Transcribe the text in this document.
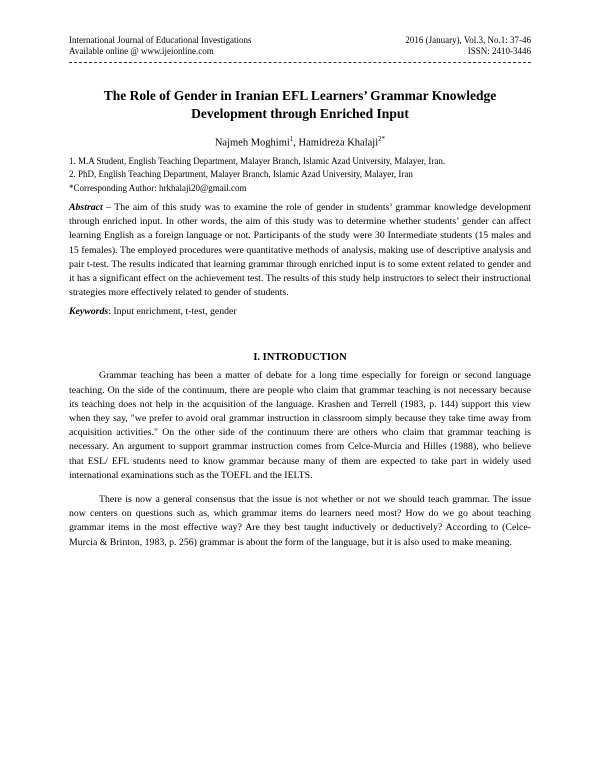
International Journal of Educational Investigations
Available online @ www.ijeionline.com
2016 (January), Vol.3, No.1: 37-46
ISSN: 2410-3446
The Role of Gender in Iranian EFL Learners’ Grammar Knowledge Development through Enriched Input
Najmeh Moghimi$^1$, Hamidreza Khalaji$^{2*}$
1. M.A Student, English Teaching Department, Malayer Branch, Islamic Azad University, Malayer, Iran.
2. PhD, English Teaching Department, Malayer Branch, Islamic Azad University, Malayer, Iran
*Corresponding Author: hrkhalaji20@gmail.com
Abstract – The aim of this study was to examine the role of gender in students’ grammar knowledge development through enriched input. In other words, the aim of this study was to determine whether students’ gender can affect learning English as a foreign language or not. Participants of the study were 30 Intermediate students (15 males and 15 females). The employed procedures were quantitative methods of analysis, making use of descriptive analysis and pair t-test. The results indicated that learning grammar through enriched input is to some extent related to gender and it has a significant effect on the achievement test. The results of this study help instructors to select their instructional strategies more effectively related to gender of students.
Keywords: Input enrichment, t-test, gender
I. INTRODUCTION

Grammar teaching has been a matter of debate for a long time especially for foreign or second language teaching. On the side of the continuum, there are people who claim that grammar teaching is not necessary because its teaching does not help in the acquisition of the language. Krashen and Terrell (1983, p. 144) support this view when they say, "we prefer to avoid oral grammar instruction in classroom simply because they take time away from acquisition activities." On the other side of the continuum there are others who claim that grammar teaching is necessary. An argument to support grammar instruction comes from Celce-Murcia and Hilles (1988), who believe that ESL/ EFL students need to know grammar because many of them are expected to take part in widely used international examinations such as the TOEFL and the IELTS.

There is now a general consensus that the issue is not whether or not we should teach grammar. The issue now centers on questions such as, which grammar items do learners need most? How do we go about teaching grammar items in the most effective way? Are they best taught inductively or deductively? According to (Celce-Murcia & Brinton, 1983, p. 256) grammar is about the form of the language, but it is also used to make meaning.
